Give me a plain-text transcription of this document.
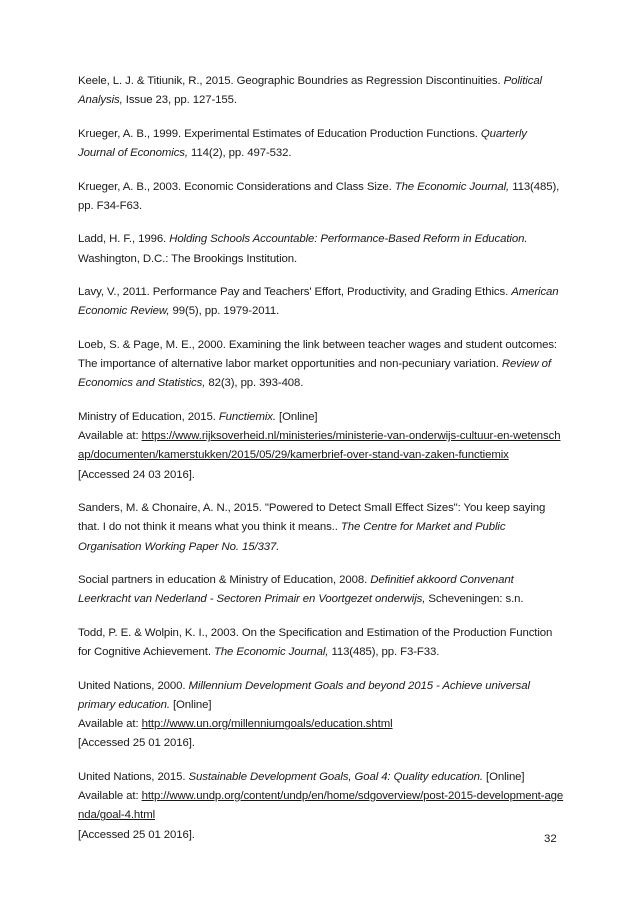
Keele, L. J. & Titiunik, R., 2015. Geographic Boundries as Regression Discontinuities. Political Analysis, Issue 23, pp. 127-155.

Krueger, A. B., 1999. Experimental Estimates of Education Production Functions. Quarterly Journal of Economics, 114(2), pp. 497-532.

Krueger, A. B., 2003. Economic Considerations and Class Size. The Economic Journal, 113(485), pp. F34-F63.

Ladd, H. F., 1996. Holding Schools Accountable: Performance-Based Reform in Education. Washington, D.C.: The Brookings Institution.

Lavy, V., 2011. Performance Pay and Teachers' Effort, Productivity, and Grading Ethics. American Economic Review, 99(5), pp. 1979-2011.

Loeb, S. & Page, M. E., 2000. Examining the link between teacher wages and student outcomes: The importance of alternative labor market opportunities and non-pecuniary variation. Review of Economics and Statistics, 82(3), pp. 393-408.

Ministry of Education, 2015. Functiemix. [Online]
Available at: https://www.rijksoverheid.nl/ministeries/ministerie-van-onderwijs-cultuur-en-wetenschap/documenten/kamerstukken/2015/05/29/kamerbrief-over-stand-van-zaken-functiemix
[Accessed 24 03 2016].

Sanders, M. & Chonaire, A. N., 2015. "Powered to Detect Small Effect Sizes": You keep saying that. I do not think it means what you think it means.. The Centre for Market and Public Organisation Working Paper No. 15/337.

Social partners in education & Ministry of Education, 2008. Definitief akkoord Convenant Leerkracht van Nederland - Sectoren Primair en Voortgezet onderwijs, Scheveningen: s.n.

Todd, P. E. & Wolpin, K. I., 2003. On the Specification and Estimation of the Production Function for Cognitive Achievement. The Economic Journal, 113(485), pp. F3-F33.

United Nations, 2000. Millennium Development Goals and beyond 2015 - Achieve universal primary education. [Online]
Available at: http://www.un.org/millenniumgoals/education.shtml
[Accessed 25 01 2016].

United Nations, 2015. Sustainable Development Goals, Goal 4: Quality education. [Online]
Available at: http://www.undp.org/content/undp/en/home/sdgoverview/post-2015-development-agenda/goal-4.html
[Accessed 25 01 2016].	32
